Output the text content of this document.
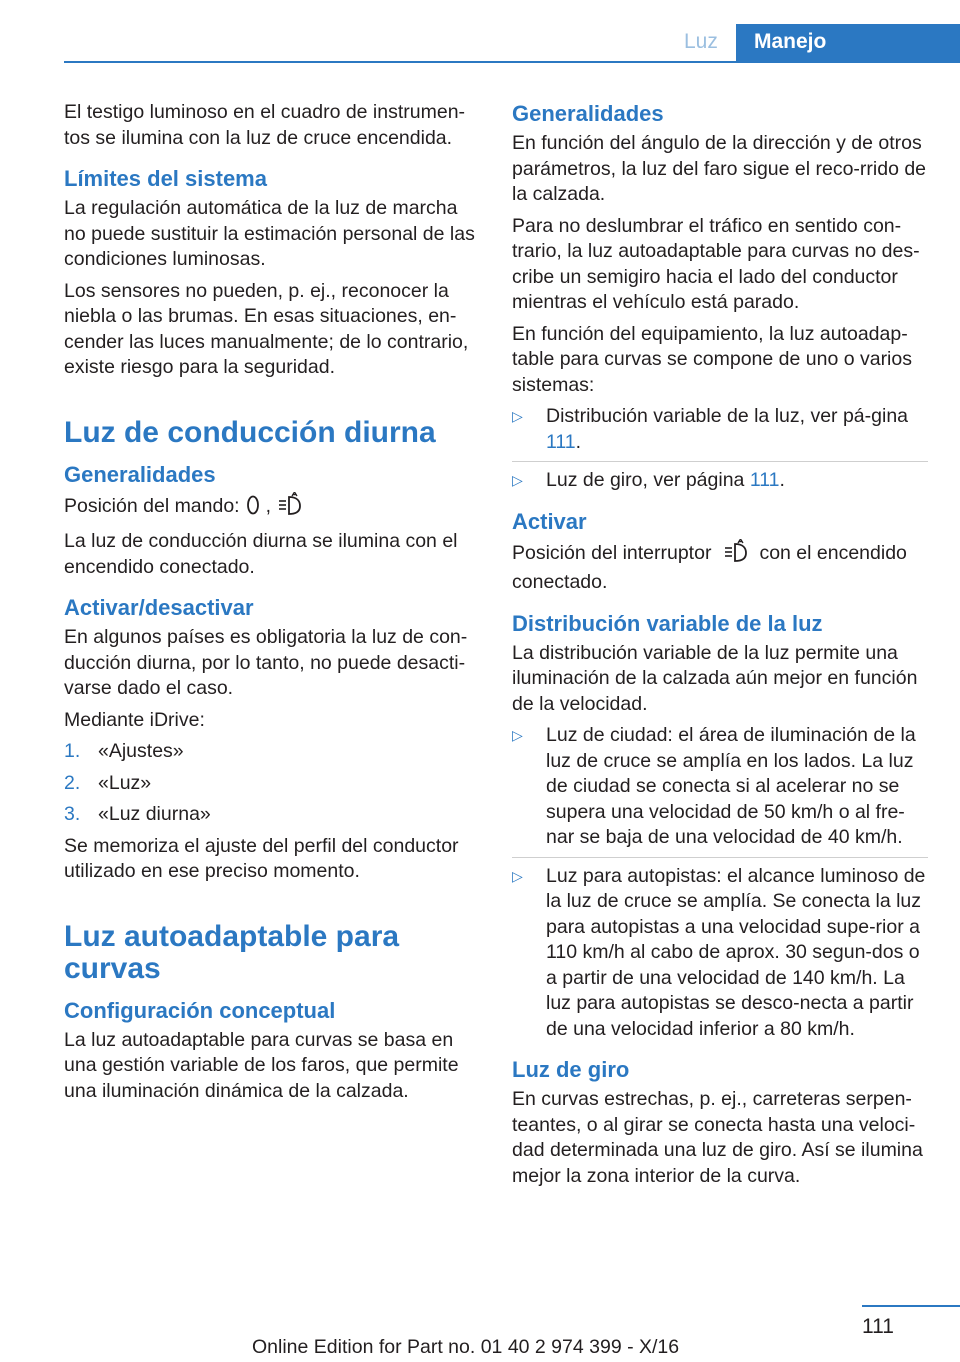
Luz Manejo

El testigo luminoso en el cuadro de instrumen-tos se ilumina con la luz de cruce encendida.

Límites del sistema

La regulación automática de la luz de marcha no puede sustituir la estimación personal de las condiciones luminosas.

Los sensores no pueden, p. ej., reconocer la niebla o las brumas. En esas situaciones, en-cender las luces manualmente; de lo contrario, existe riesgo para la seguridad.

Luz de conducción diurna
Generalidades

Posición del mando: ,

La luz de conducción diurna se ilumina con el encendido conectado.

Activar/desactivar

En algunos países es obligatoria la luz de con-ducción diurna, por lo tanto, no puede desacti-varse dado el caso.

Mediante iDrive:

1. «Ajustes»
2. «Luz»
3. «Luz diurna»

Se memoriza el ajuste del perfil del conductor utilizado en ese preciso momento.

Luz autoadaptable para curvas
Configuración conceptual

La luz autoadaptable para curvas se basa en una gestión variable de los faros, que permite una iluminación dinámica de la calzada.

Generalidades

En función del ángulo de la dirección y de otros parámetros, la luz del faro sigue el reco-rrido de la calzada.

Para no deslumbrar el tráfico en sentido con-trario, la luz autoadaptable para curvas no des-cribe un semigiro hacia el lado del conductor mientras el vehículo está parado.

En función del equipamiento, la luz autoadap-table para curvas se compone de uno o varios sistemas:

▷ Distribución variable de la luz, ver pá-gina 111.
▷ Luz de giro, ver página 111.
Activar

Posición del interruptor con el encendido conectado.

Distribución variable de la luz

La distribución variable de la luz permite una iluminación de la calzada aún mejor en función de la velocidad.

▷ Luz de ciudad: el área de iluminación de la luz de cruce se amplía en los lados. La luz de ciudad se conecta si al acelerar no se supera una velocidad de 50 km/h o al fre-nar se baja de una velocidad de 40 km/h.
▷ Luz para autopistas: el alcance luminoso de la luz de cruce se amplía. Se conecta la luz para autopistas a una velocidad supe-rior a 110 km/h al cabo de aprox. 30 segun-dos o a partir de una velocidad de 140 km/h. La luz para autopistas se desco-necta a partir de una velocidad inferior a 80 km/h.
Luz de giro

En curvas estrechas, p. ej., carreteras serpen-teantes, o al girar se conecta hasta una veloci-dad determinada una luz de giro. Así se ilumina mejor la zona interior de la curva.

111
Online Edition for Part no. 01 40 2 974 399 - X/16
